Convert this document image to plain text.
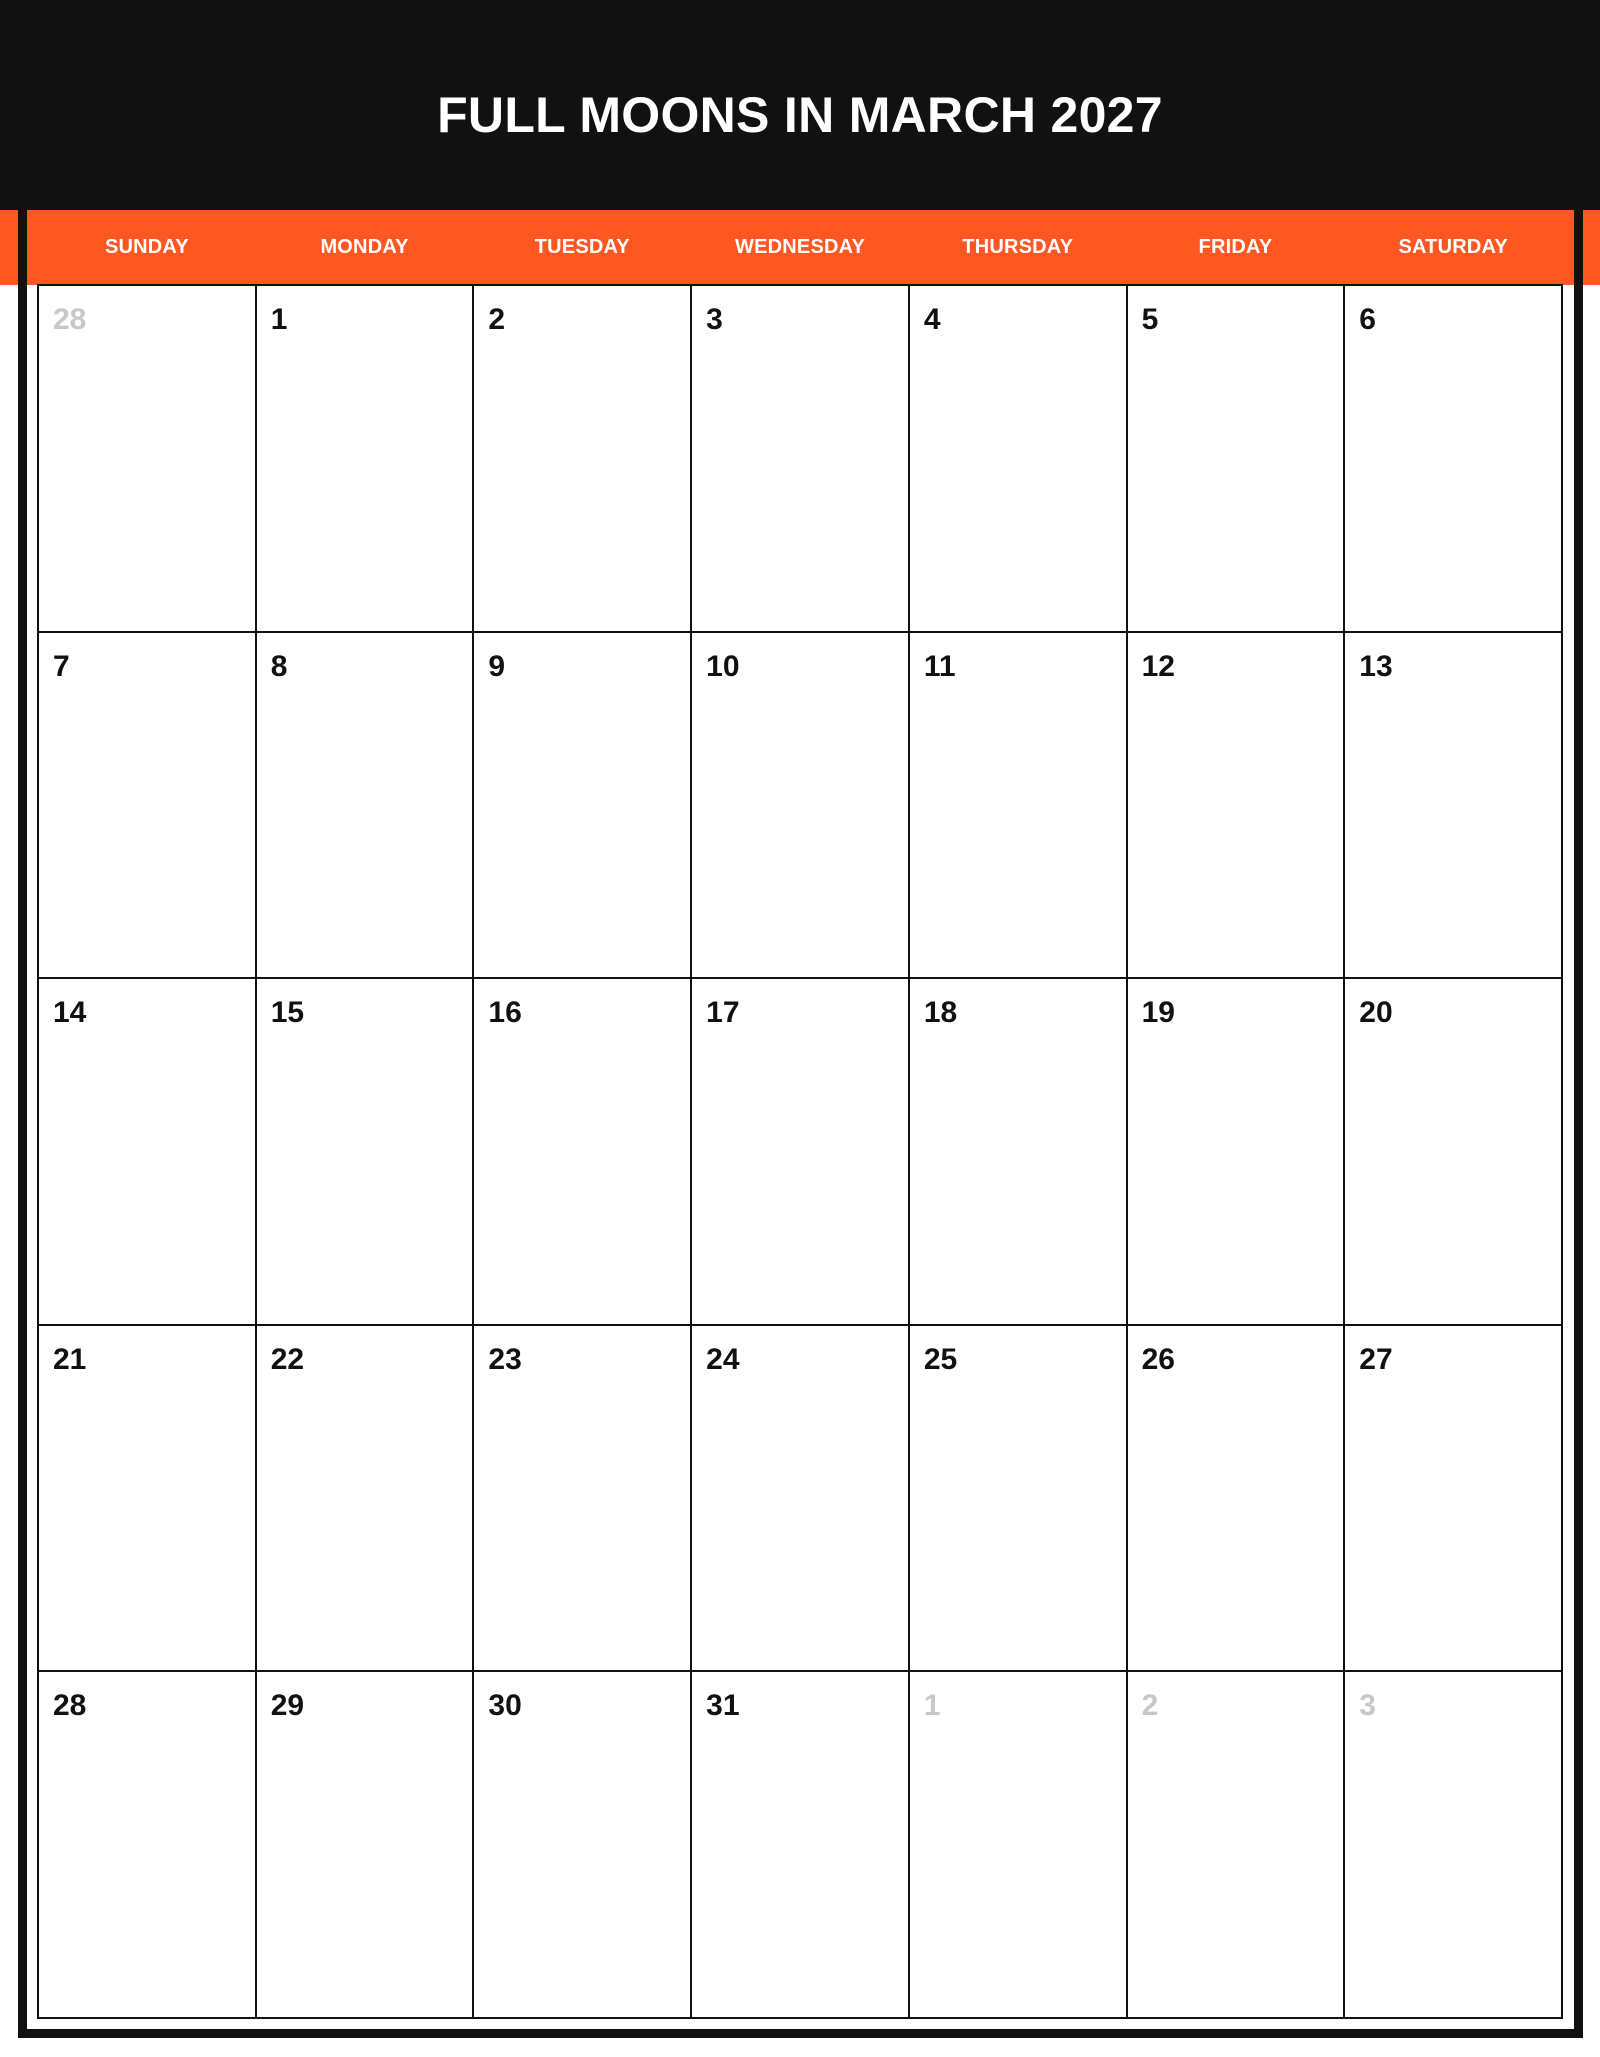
FULL MOONS IN MARCH 2027
SUNDAY	MONDAY	TUESDAY	WEDNESDAY	THURSDAY	FRIDAY	SATURDAY
28	1	2	3	4	5	6
7	8	9	10	11	12	13
14	15	16	17	18	19	20
21	22	23	24	25	26	27
28	29	30	31	1	2	3
